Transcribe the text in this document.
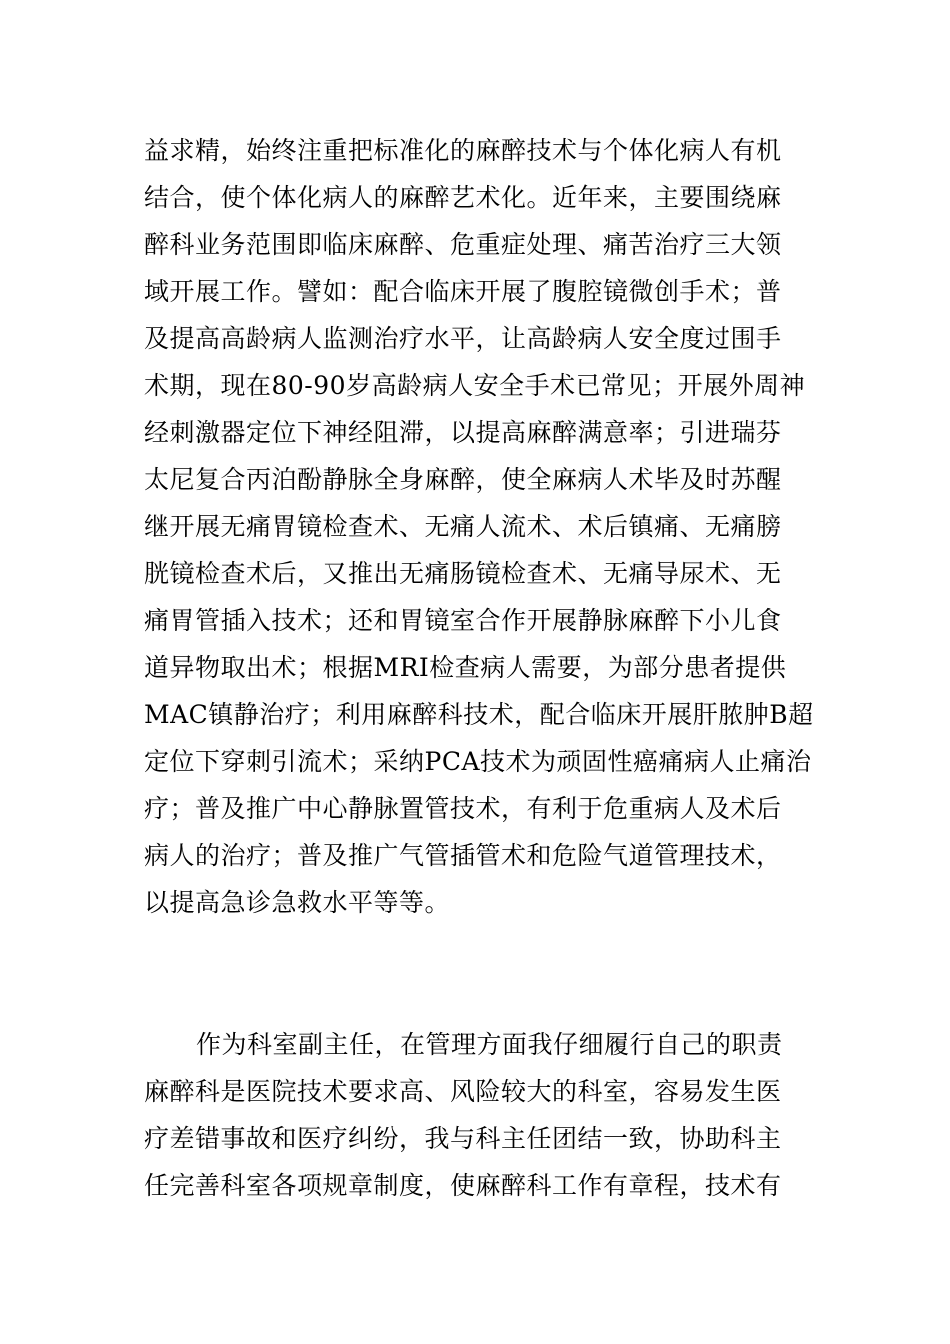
益求精，始终注重把标准化的麻醉技术与个体化病人有机
结合，使个体化病人的麻醉艺术化。近年来，主要围绕麻
醉科业务范围即临床麻醉、危重症处理、痛苦治疗三大领
域开展工作。譬如：配合临床开展了腹腔镜微创手术；普
及提高高龄病人监测治疗水平，让高龄病人安全度过围手
术期，现在80-90岁高龄病人安全手术已常见；开展外周神
经刺激器定位下神经阻滞，以提高麻醉满意率；引进瑞芬
太尼复合丙泊酚静脉全身麻醉，使全麻病人术毕及时苏醒
继开展无痛胃镜检查术、无痛人流术、术后镇痛、无痛膀
胱镜检查术后，又推出无痛肠镜检查术、无痛导尿术、无
痛胃管插入技术；还和胃镜室合作开展静脉麻醉下小儿食
道异物取出术；根据MRI检查病人需要，为部分患者提供
MAC镇静治疗；利用麻醉科技术，配合临床开展肝脓肿B超
定位下穿刺引流术；采纳PCA技术为顽固性癌痛病人止痛治
疗；普及推广中心静脉置管技术，有利于危重病人及术后
病人的治疗；普及推广气管插管术和危险气道管理技术，
以提高急诊急救水平等等。
作为科室副主任，在管理方面我仔细履行自己的职责
麻醉科是医院技术要求高、风险较大的科室，容易发生医
疗差错事故和医疗纠纷，我与科主任团结一致，协助科主
任完善科室各项规章制度，使麻醉科工作有章程，技术有
